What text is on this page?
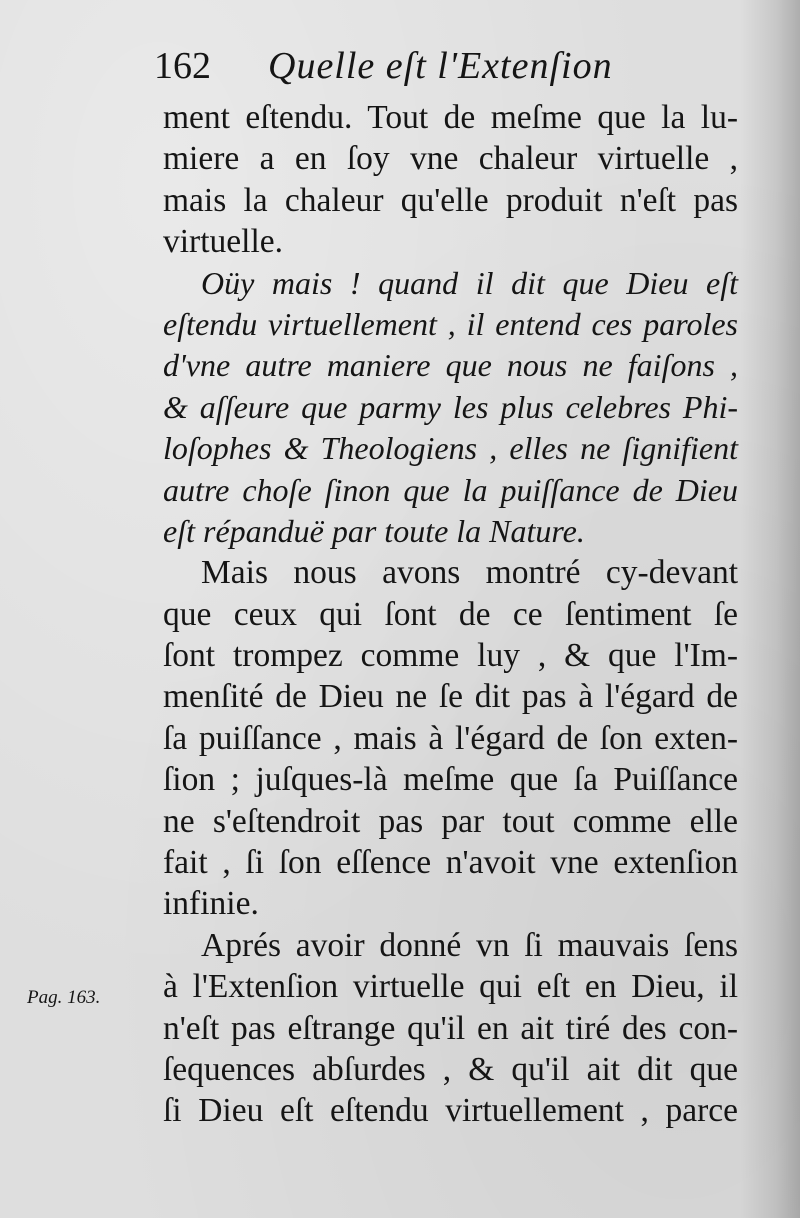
162 Quelle eſt l'Extenſion
ment eſtendu. Tout de meſme que la lu-
miere a en ſoy vne chaleur virtuelle ,
mais la chaleur qu'elle produit n'eſt pas
virtuelle.
Oüy mais ! quand il dit que Dieu eſt
eſtendu virtuellement , il entend ces paroles
d'vne autre maniere que nous ne faiſons ,
& aſſeure que parmy les plus celebres Phi-
loſophes & Theologiens , elles ne ſignifient
autre choſe ſinon que la puiſſance de Dieu
eſt répanduë par toute la Nature.
Mais nous avons montré cy-devant
que ceux qui ſont de ce ſentiment ſe
ſont trompez comme luy , & que l'Im-
menſité de Dieu ne ſe dit pas à l'égard de
ſa puiſſance , mais à l'égard de ſon exten-
ſion ; juſques-là meſme que ſa Puiſſance
ne s'eſtendroit pas par tout comme elle
fait , ſi ſon eſſence n'avoit vne extenſion
infinie.
Aprés avoir donné vn ſi mauvais ſens
à l'Extenſion virtuelle qui eſt en Dieu, il
n'eſt pas eſtrange qu'il en ait tiré des con-
ſequences abſurdes , & qu'il ait dit que
ſi Dieu eſt eſtendu virtuellement , parce
Pag. 163.
